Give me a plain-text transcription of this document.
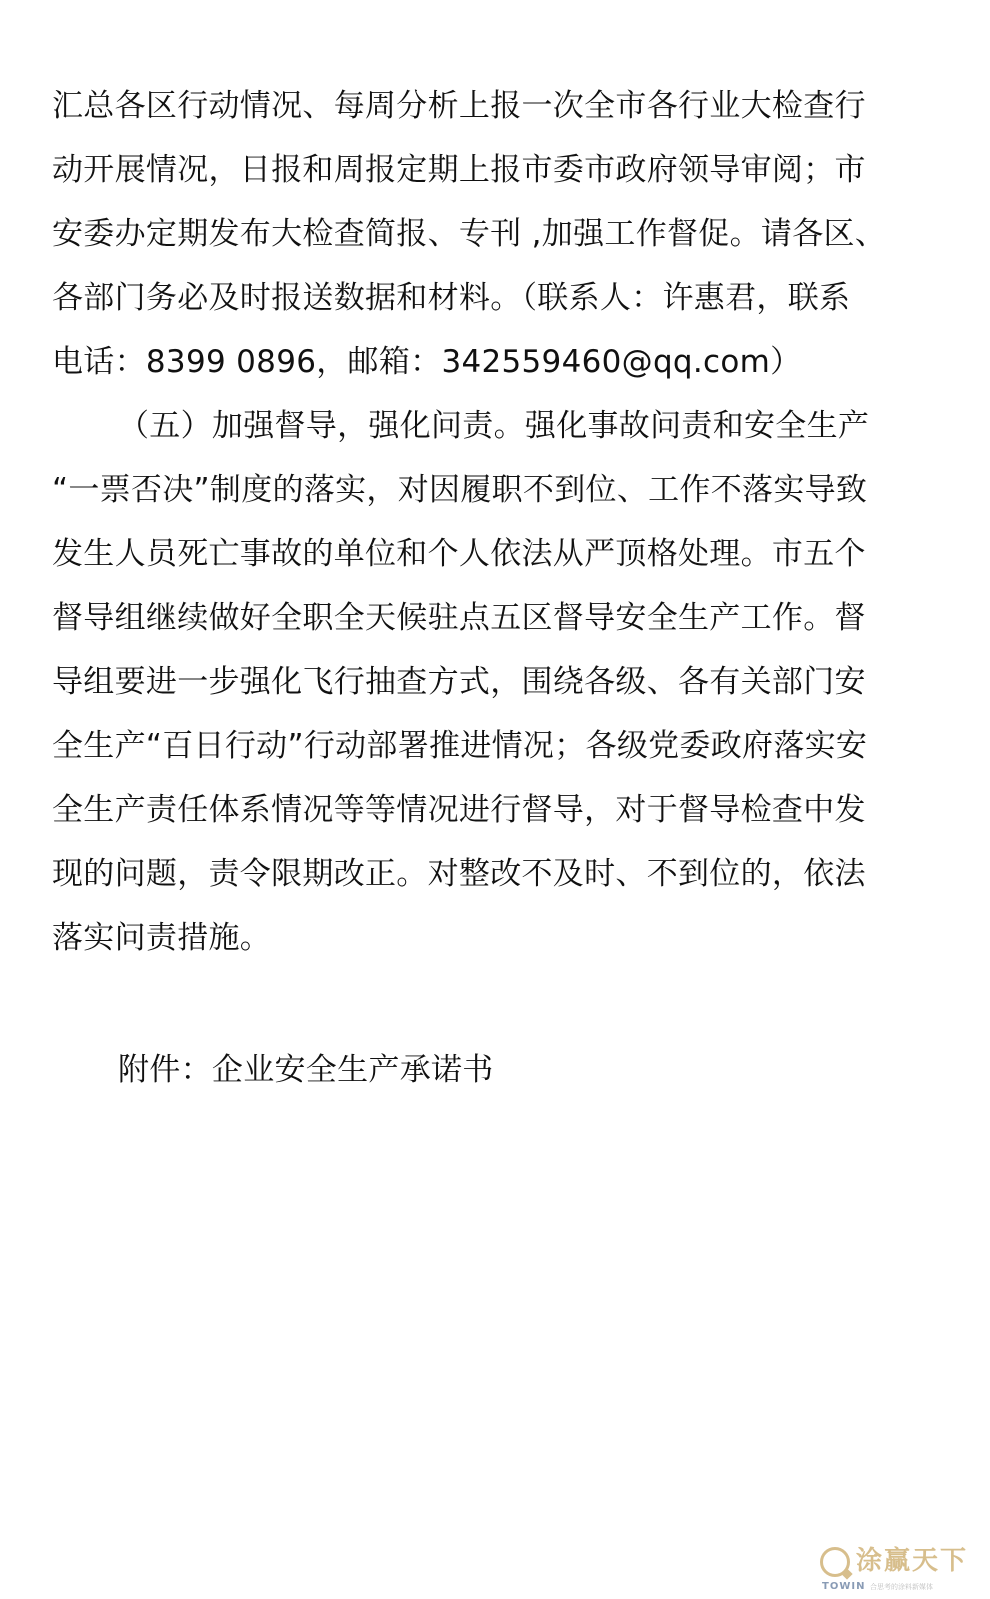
汇总各区行动情况、每周分析上报一次全市各行业大检查行
动开展情况，日报和周报定期上报市委市政府领导审阅；市
安委办定期发布大检查简报、专刊 ,加强工作督促。请各区、
各部门务必及时报送数据和材料。（联系人：许惠君，联系
电话：8399 0896，邮箱：342559460@qq.com）
（五）加强督导，强化问责。强化事故问责和安全生产
“一票否决”制度的落实，对因履职不到位、工作不落实导致
发生人员死亡事故的单位和个人依法从严顶格处理。市五个
督导组继续做好全职全天候驻点五区督导安全生产工作。督
导组要进一步强化飞行抽查方式，围绕各级、各有关部门安
全生产“百日行动”行动部署推进情况；各级党委政府落实安
全生产责任体系情况等等情况进行督导，对于督导检查中发
现的问题，责令限期改正。对整改不及时、不到位的，依法
落实问责措施。
附件：企业安全生产承诺书
涂赢天下
TOWIN 合思考的涂料新媒体
